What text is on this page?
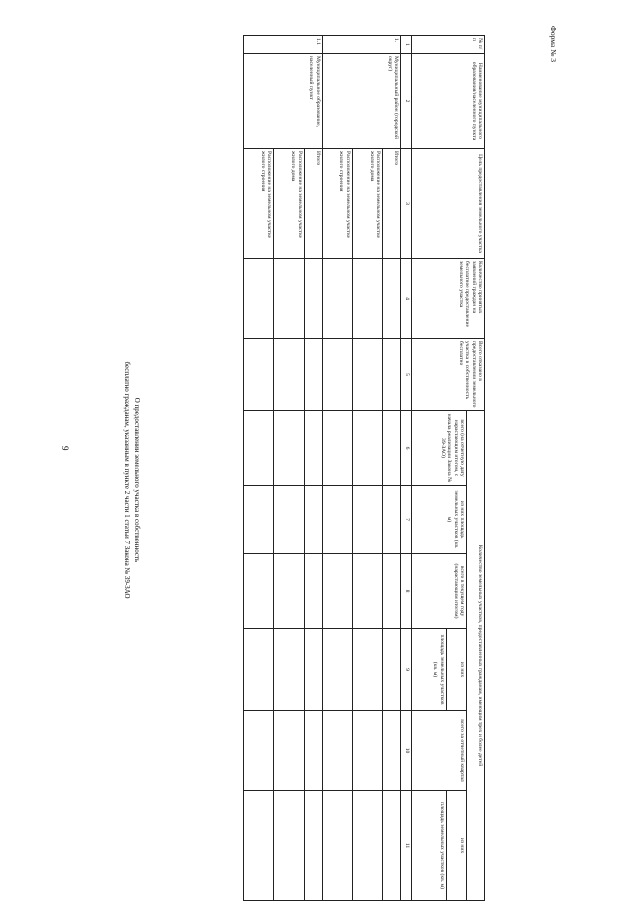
9
Форма № 3
О предоставлении земельного участка в собственность
бесплатно гражданам, указанным в пункте 2 части 1 статьи 7 Закона № 39-ЗАО
№ п/п	Наименование муниципального образования/населенного пункта	Цель предоставления земельного участка	Количество принятых заявлений граждан на бесплатное предоставление земельного участка	Всего отказано в предоставлении земельного участка в собственность бесплатно	Количество земельных участков, предоставленных гражданам, имеющим трех и более детей					
					всего (на отчетную дату нарастающим итогом, с начала реализации Закона № 39-ЗАО)	из них площадь земельных участков (кв. м)	всего в текущем году (нарастающим итогом)	из них	всего за отчетный квартал	из них
								площадь земельных участков (кв. м)		площадь земельных участков (кв. м)
1	2	3	4	5	6	7	8	9	10	11
1.	Муниципальный район (городской округ)	Итого								
		Расположение на земельном участке жилого дома								
		Расположение на земельном участке жилого строения								
1.1	Муниципальное образование, населенный пункт	Итого								
		Расположение на земельном участке жилого дома								
		Расположение на земельном участке жилого строения								
